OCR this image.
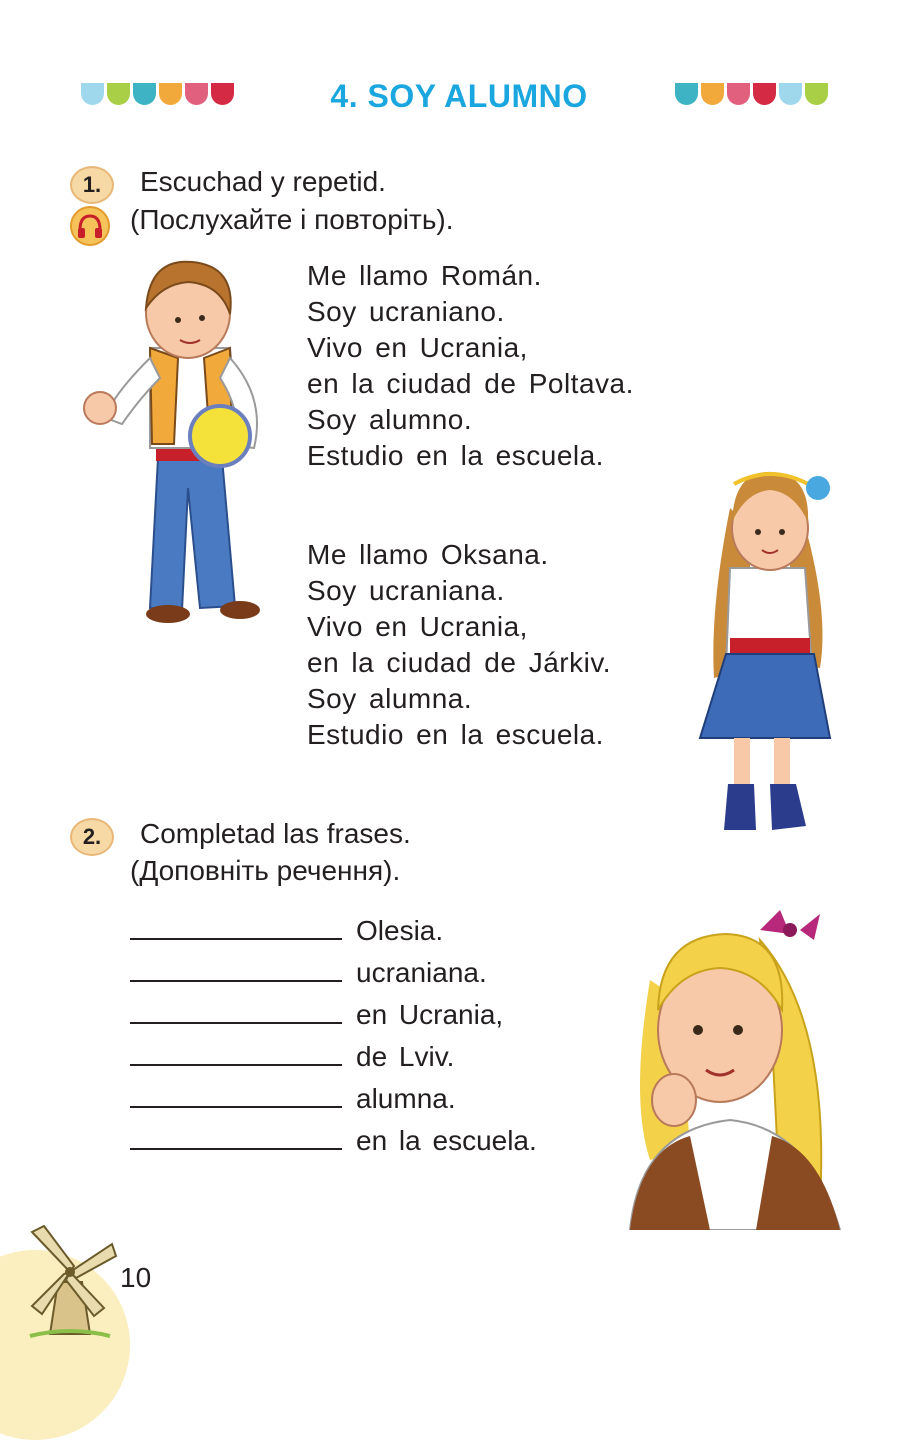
4. SOY ALUMNO
1.	Escuchad y repetid.
(Послухайте і повторіть).
Me llamo Román.
Soy ucraniano.
Vivo en Ucrania,
en la ciudad de Poltava.
Soy alumno.
Estudio en la escuela.
Me llamo Oksana.
Soy ucraniana.
Vivo en Ucrania,
en la ciudad de Járkiv.
Soy alumna.
Estudio en la escuela.
2.	Completad las frases.
(Доповніть речення).
Olesia.
ucraniana.
en Ucrania,
de Lviv.
alumna.
en la escuela.
10
